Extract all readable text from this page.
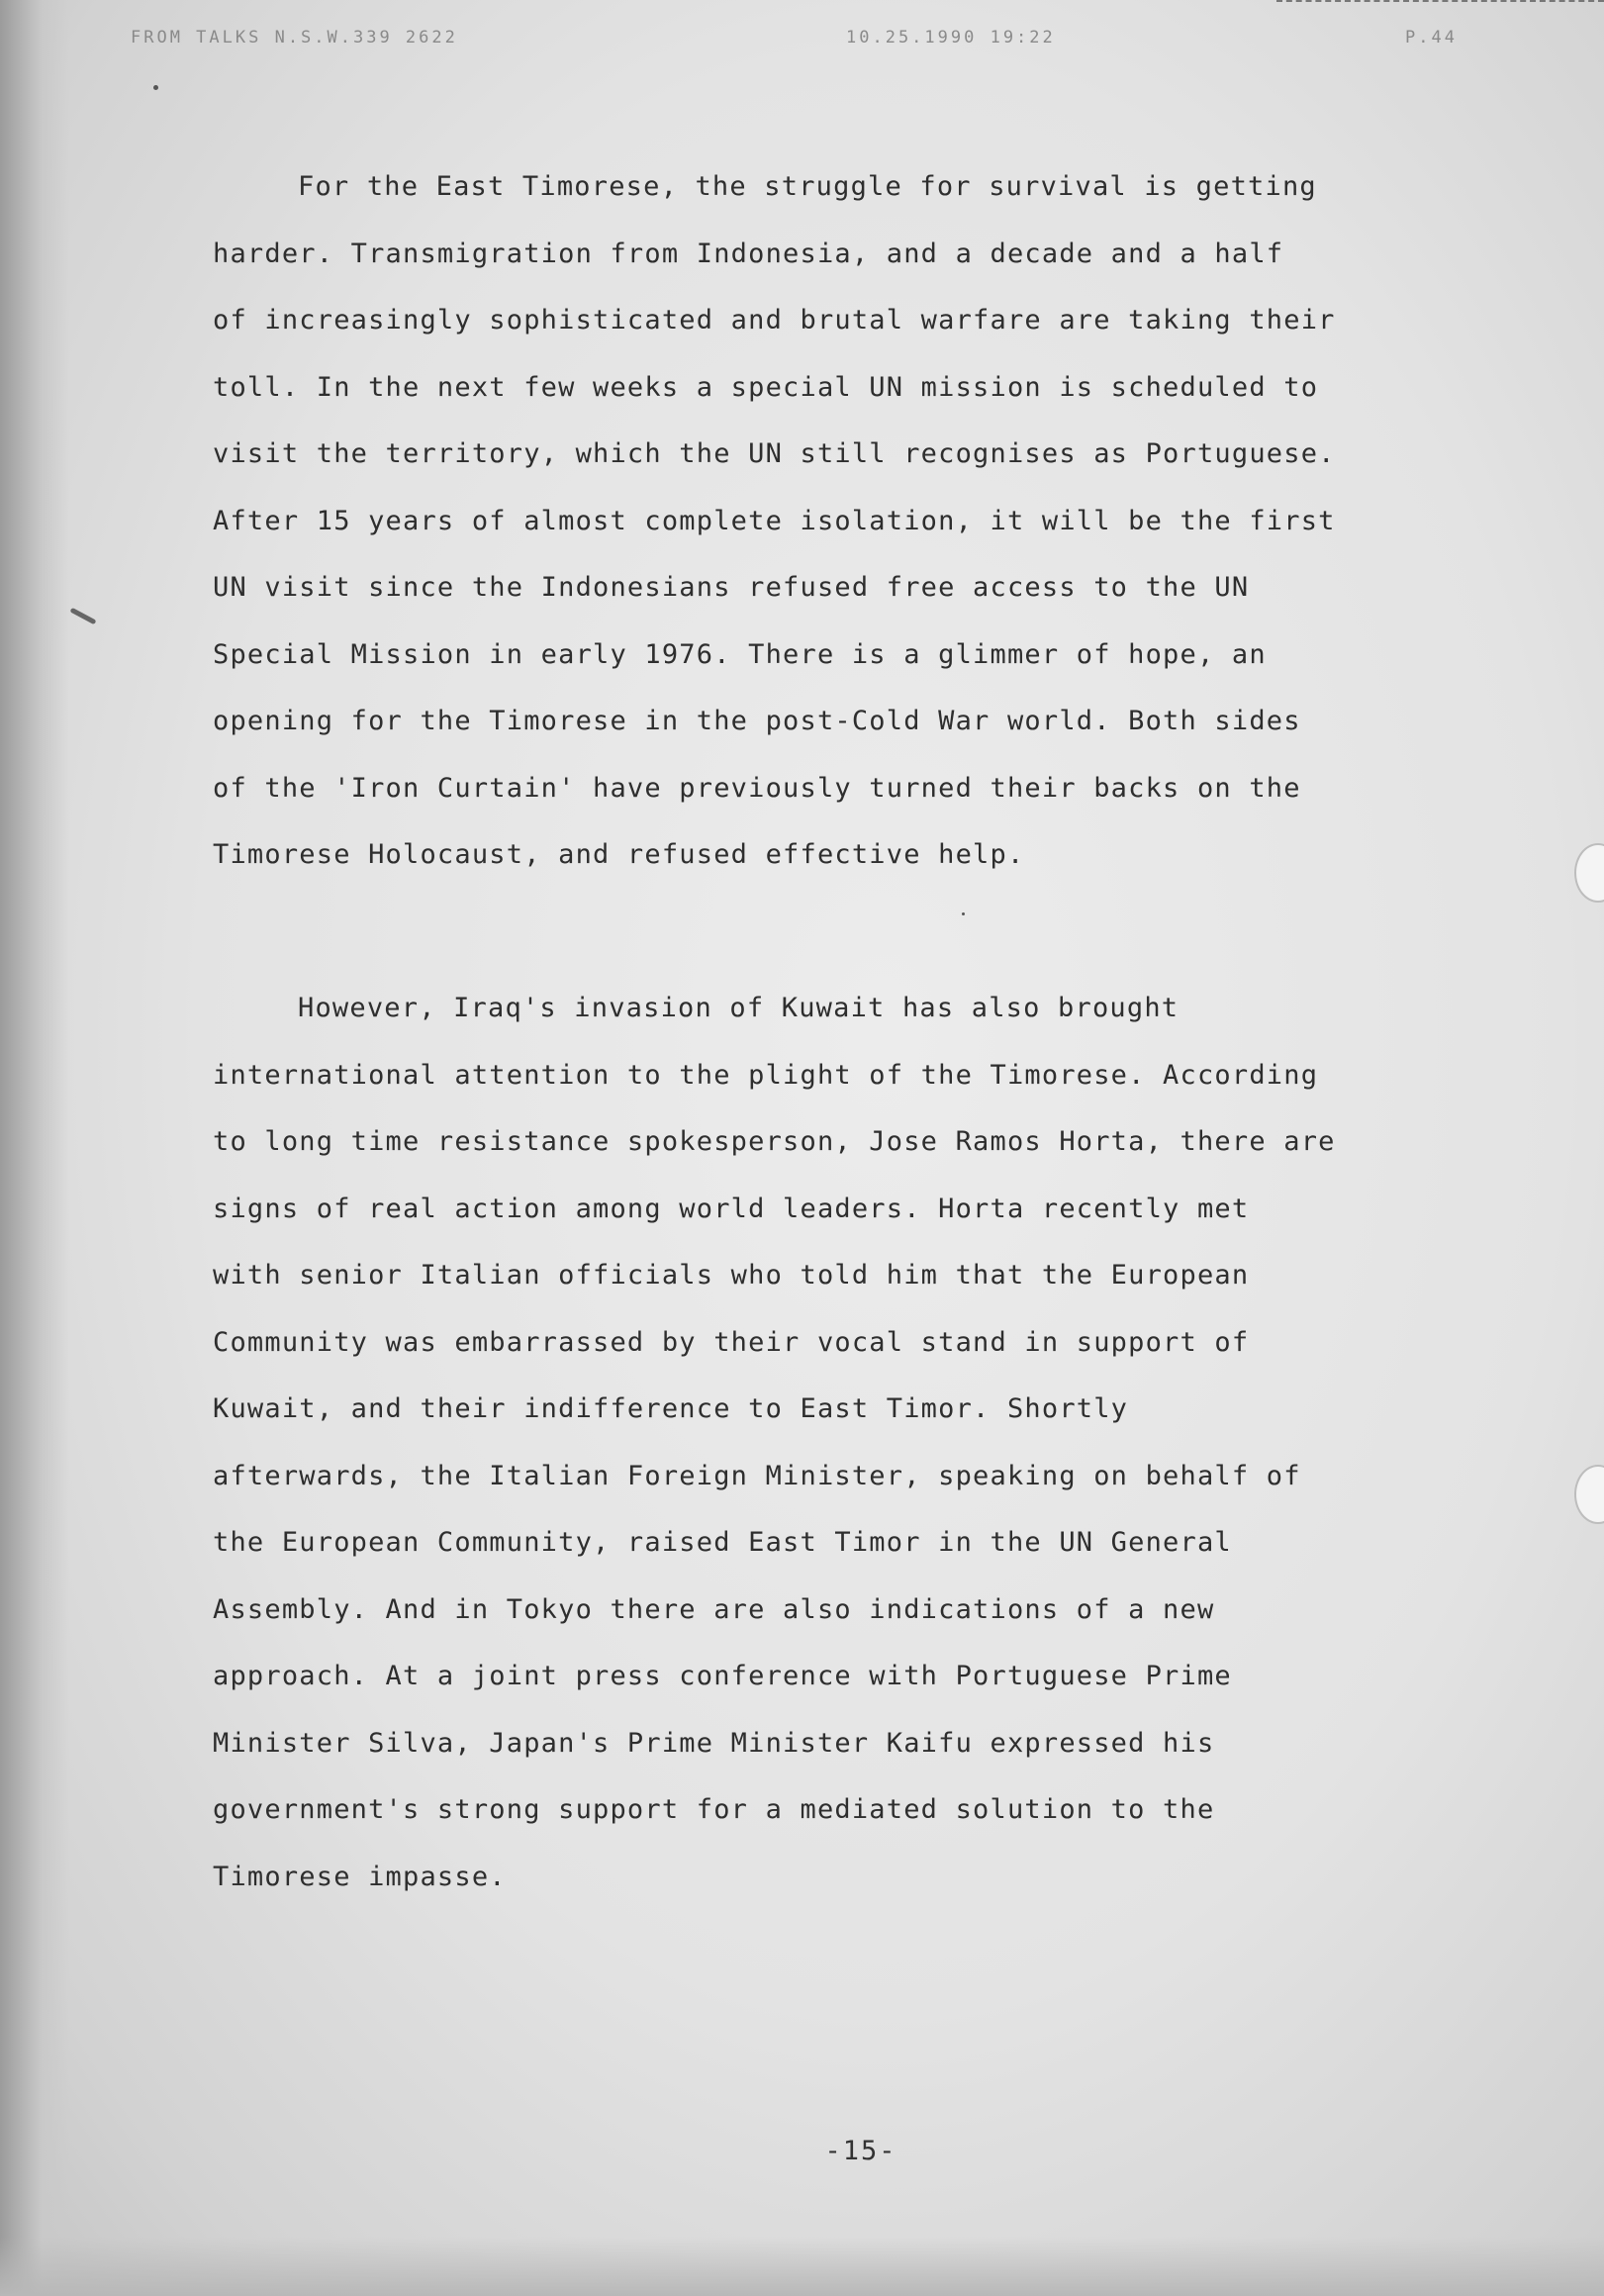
FROM TALKS N.S.W.339 2622	10.25.1990 19:22	P.44
For the East Timorese, the struggle for survival is getting
harder. Transmigration from Indonesia, and a decade and a half
of increasingly sophisticated and brutal warfare are taking their
toll. In the next few weeks a special UN mission is scheduled to
visit the territory, which the UN still recognises as Portuguese.
After 15 years of almost complete isolation, it will be the first
UN visit since the Indonesians refused free access to the UN
Special Mission in early 1976. There is a glimmer of hope, an
opening for the Timorese in the post-Cold War world. Both sides
of the 'Iron Curtain' have previously turned their backs on the
Timorese Holocaust, and refused effective help.
However, Iraq's invasion of Kuwait has also brought
international attention to the plight of the Timorese. According
to long time resistance spokesperson, Jose Ramos Horta, there are
signs of real action among world leaders. Horta recently met
with senior Italian officials who told him that the European
Community was embarrassed by their vocal stand in support of
Kuwait, and their indifference to East Timor. Shortly
afterwards, the Italian Foreign Minister, speaking on behalf of
the European Community, raised East Timor in the UN General
Assembly. And in Tokyo there are also indications of a new
approach. At a joint press conference with Portuguese Prime
Minister Silva, Japan's Prime Minister Kaifu expressed his
government's strong support for a mediated solution to the
Timorese impasse.
-15-
